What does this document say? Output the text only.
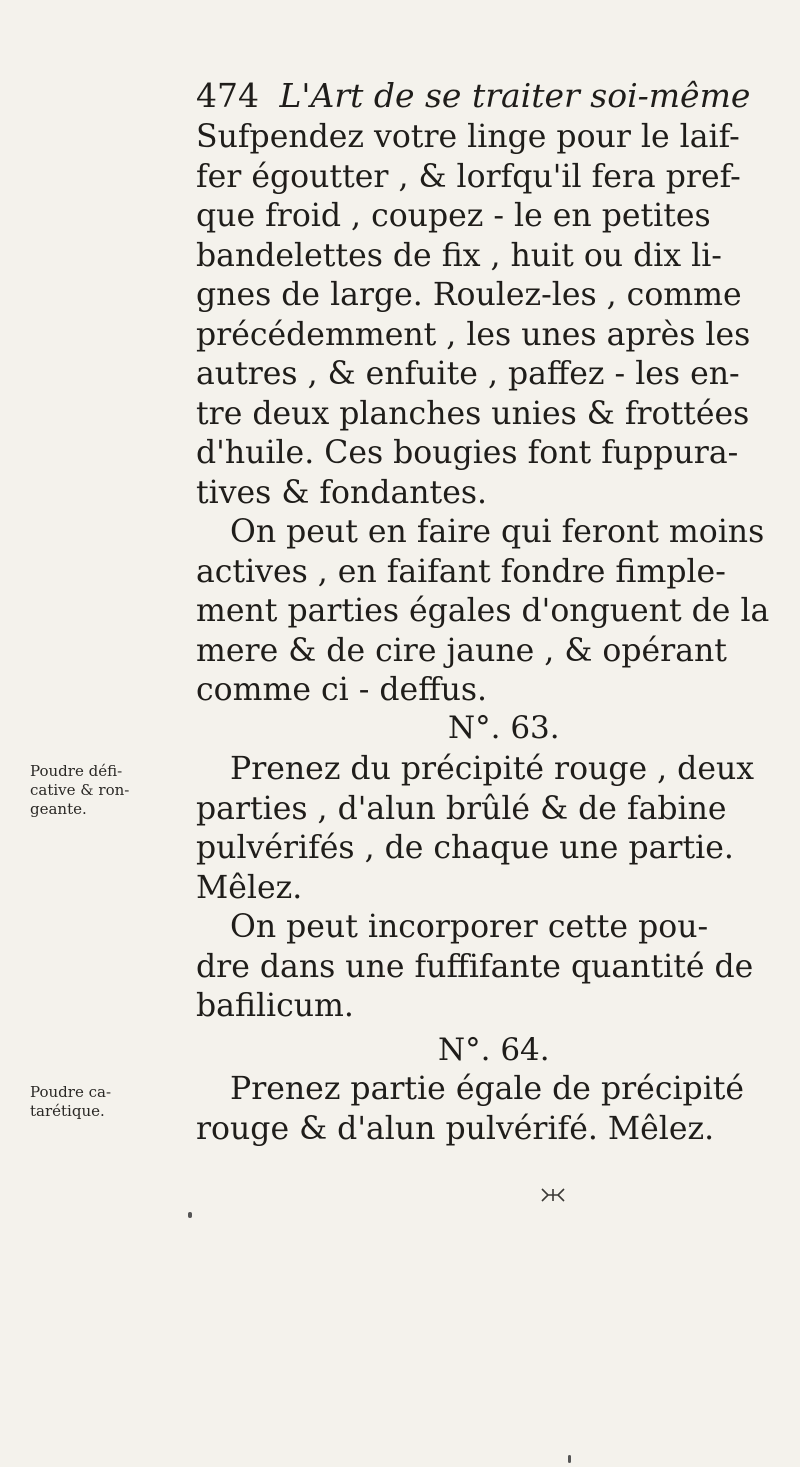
474 L'Art de se traiter soi-même
Sufpendez votre linge pour le laif-
fer égoutter , & lorfqu'il fera pref-
que froid , coupez - le en petites
bandelettes de fix , huit ou dix li-
gnes de large. Roulez-les , comme
précédemment , les unes après les
autres , & enfuite , paffez - les en-
tre deux planches unies & frottées
d'huile. Ces bougies font fuppura-
tives & fondantes.
On peut en faire qui feront moins
actives , en faifant fondre fimple-
ment parties égales d'onguent de la
mere & de cire jaune , & opérant
comme ci - deffus.
N°. 63.
Poudre défi-
cative & ron-
geante.
Prenez du précipité rouge , deux
parties , d'alun brûlé & de fabine
pulvérifés , de chaque une partie.
Mêlez.
On peut incorporer cette pou-
dre dans une fuffifante quantité de
bafilicum.
N°. 64.
Poudre ca-
tarétique.
Prenez partie égale de précipité
rouge & d'alun pulvérifé. Mêlez.
